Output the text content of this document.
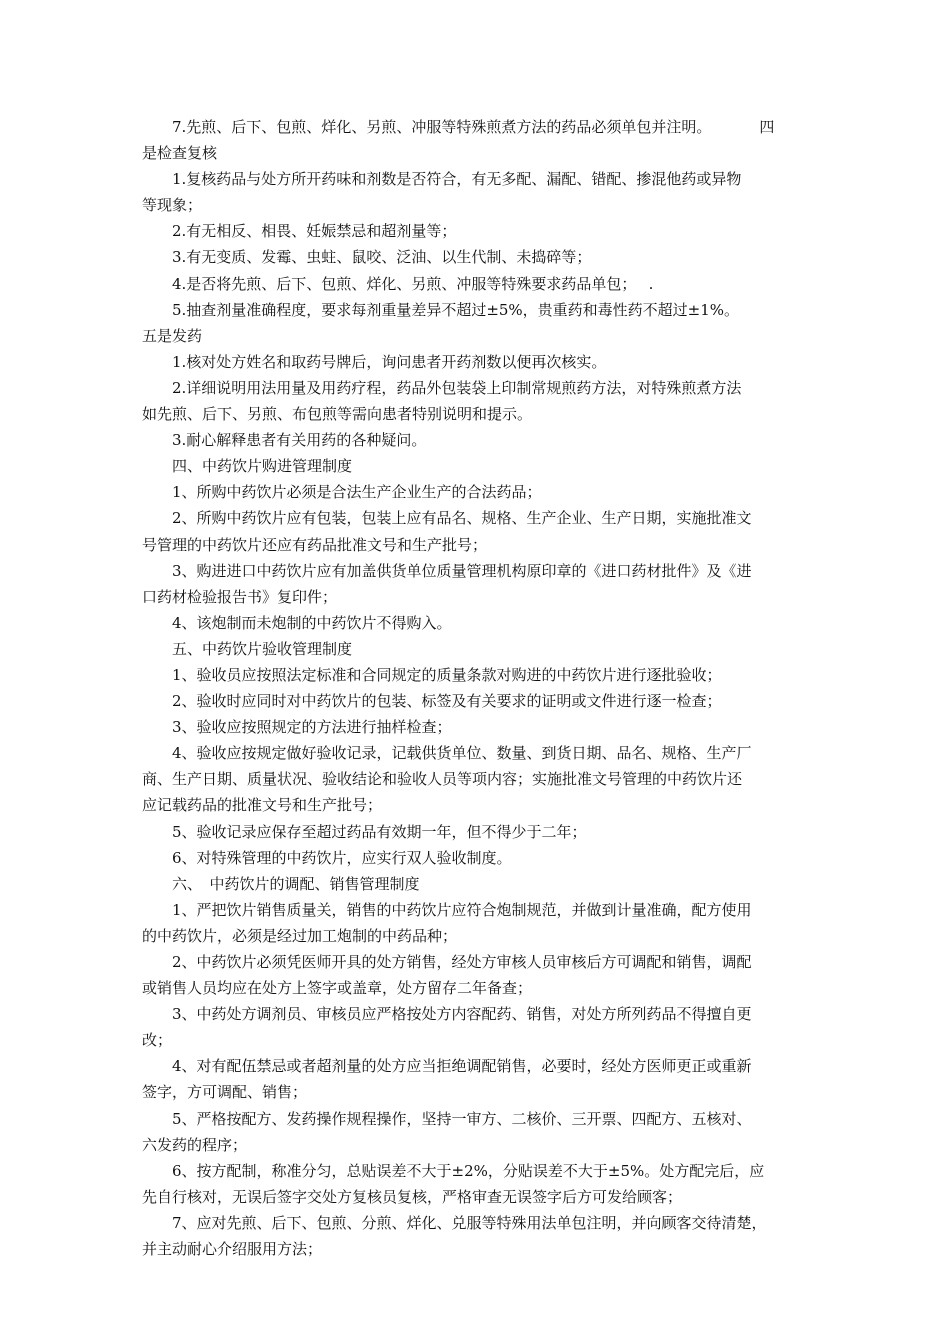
7.先煎、后下、包煎、烊化、另煎、冲服等特殊煎煮方法的药品必须单包并注明。	四
是检查复核
1.复核药品与处方所开药味和剂数是否符合，有无多配、漏配、错配、掺混他药或异物
等现象；
2.有无相反、相畏、妊娠禁忌和超剂量等；
3.有无变质、发霉、虫蛀、鼠咬、泛油、以生代制、未捣碎等；
4.是否将先煎、后下、包煎、烊化、另煎、冲服等特殊要求药品单包；　 .
5.抽查剂量准确程度，要求每剂重量差异不超过±5%，贵重药和毒性药不超过±1%。
五是发药
1.核对处方姓名和取药号牌后，询问患者开药剂数以便再次核实。
2.详细说明用法用量及用药疗程，药品外包装袋上印制常规煎药方法，对特殊煎煮方法
如先煎、后下、另煎、布包煎等需向患者特别说明和提示。
3.耐心解释患者有关用药的各种疑问。
四、中药饮片购进管理制度
1、所购中药饮片必须是合法生产企业生产的合法药品；
2、所购中药饮片应有包装，包装上应有品名、规格、生产企业、生产日期，实施批准文
号管理的中药饮片还应有药品批准文号和生产批号；
3、购进进口中药饮片应有加盖供货单位质量管理机构原印章的《进口药材批件》及《进
口药材检验报告书》复印件；
4、该炮制而未炮制的中药饮片不得购入。
五、中药饮片验收管理制度
1、验收员应按照法定标准和合同规定的质量条款对购进的中药饮片进行逐批验收；
2、验收时应同时对中药饮片的包装、标签及有关要求的证明或文件进行逐一检查；
3、验收应按照规定的方法进行抽样检查；
4、验收应按规定做好验收记录，记载供货单位、数量、到货日期、品名、规格、生产厂
商、生产日期、质量状况、验收结论和验收人员等项内容；实施批准文号管理的中药饮片还
应记载药品的批准文号和生产批号；
5、验收记录应保存至超过药品有效期一年，但不得少于二年；
6、对特殊管理的中药饮片，应实行双人验收制度。
六、　中药饮片的调配、销售管理制度
1、严把饮片销售质量关，销售的中药饮片应符合炮制规范，并做到计量准确，配方使用
的中药饮片，必须是经过加工炮制的中药品种；
2、中药饮片必须凭医师开具的处方销售，经处方审核人员审核后方可调配和销售，调配
或销售人员均应在处方上签字或盖章，处方留存二年备查；
3、中药处方调剂员、审核员应严格按处方内容配药、销售，对处方所列药品不得擅自更
改；
4、对有配伍禁忌或者超剂量的处方应当拒绝调配销售，必要时，经处方医师更正或重新
签字，方可调配、销售；
5、严格按配方、发药操作规程操作，坚持一审方、二核价、三开票、四配方、五核对、
六发药的程序；
6、按方配制，称准分匀，总贴误差不大于±2%，分贴误差不大于±5%。处方配完后，应
先自行核对，无误后签字交处方复核员复核，严格审查无误签字后方可发给顾客；
7、应对先煎、后下、包煎、分煎、烊化、兑服等特殊用法单包注明，并向顾客交待清楚，
并主动耐心介绍服用方法；
